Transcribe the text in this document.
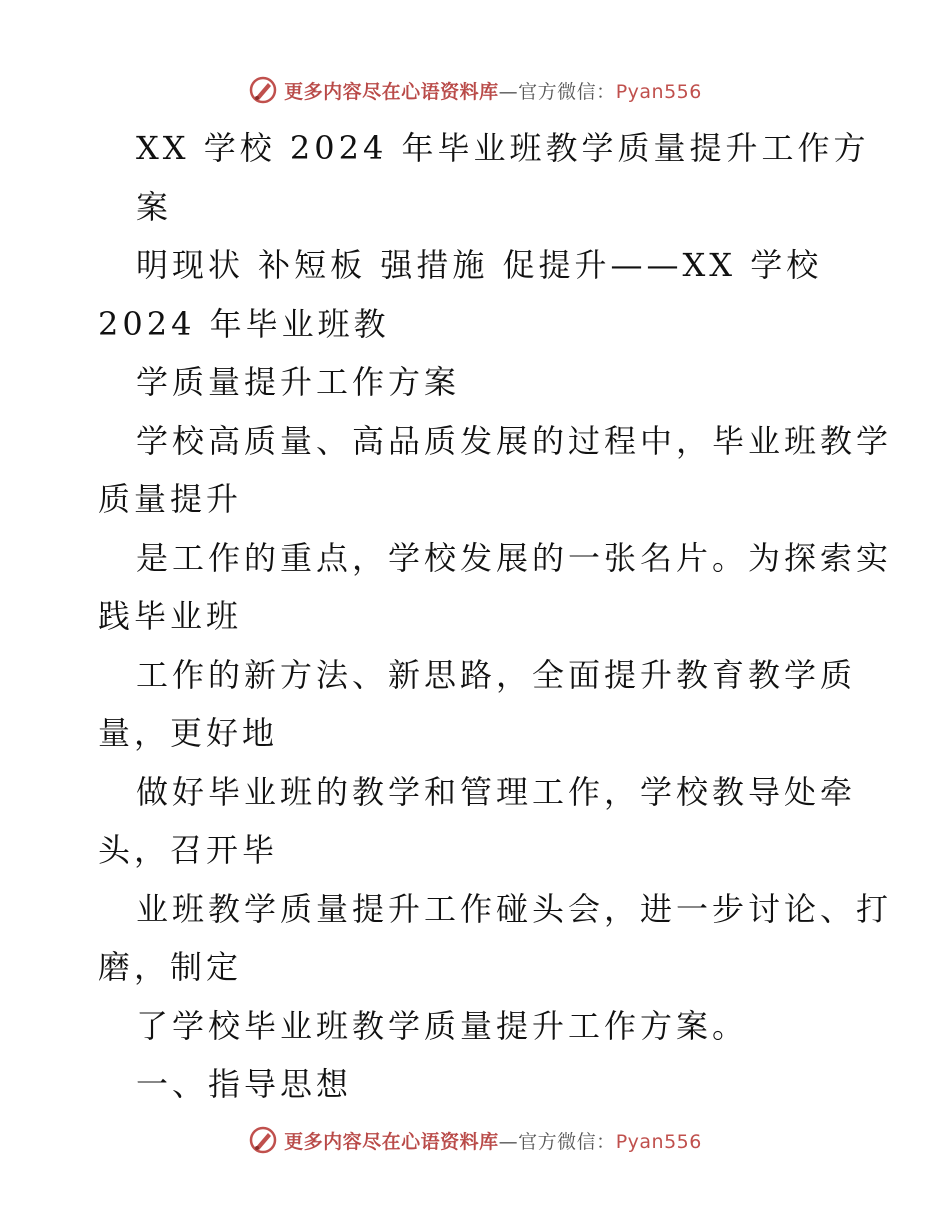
更多内容尽在心语资料库—官方微信：Pyan556
XX 学校 2024 年毕业班教学质量提升工作方
案
明现状 补短板 强措施 促提升——XX 学校
2024 年毕业班教
学质量提升工作方案
学校高质量、高品质发展的过程中，毕业班教学
质量提升
是工作的重点，学校发展的一张名片。为探索实
践毕业班
工作的新方法、新思路，全面提升教育教学质
量，更好地
做好毕业班的教学和管理工作，学校教导处牵
头，召开毕
业班教学质量提升工作碰头会，进一步讨论、打
磨，制定
了学校毕业班教学质量提升工作方案。
一、指导思想
更多内容尽在心语资料库—官方微信：Pyan556
